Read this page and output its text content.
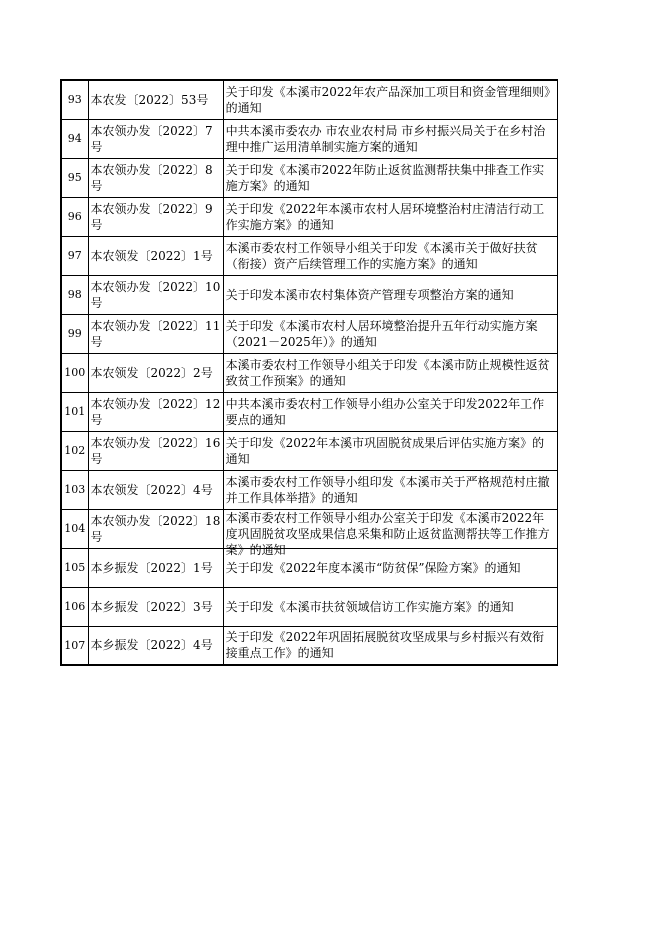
93	本农发〔2022〕53号	关于印发《本溪市2022年农产品深加工项目和资金管理细则》的通知

94	本农领办发〔2022〕7号	中共本溪市委农办 市农业农村局 市乡村振兴局关于在乡村治理中推广运用清单制实施方案的通知

95	本农领办发〔2022〕8号	关于印发《本溪市2022年防止返贫监测帮扶集中排查工作实施方案》的通知

96	本农领办发〔2022〕9号	关于印发《2022年本溪市农村人居环境整治村庄清洁行动工作实施方案》的通知

97	本农领发〔2022〕1号	本溪市委农村工作领导小组关于印发《本溪市关于做好扶贫（衔接）资产后续管理工作的实施方案》的通知

98	本农领办发〔2022〕10号	关于印发本溪市农村集体资产管理专项整治方案的通知

99	本农领办发〔2022〕11号	关于印发《本溪市农村人居环境整治提升五年行动实施方案（2021－2025年）》的通知

100	本农领发〔2022〕2号	本溪市委农村工作领导小组关于印发《本溪市防止规模性返贫致贫工作预案》的通知

101	本农领办发〔2022〕12号	中共本溪市委农村工作领导小组办公室关于印发2022年工作要点的通知

102	本农领办发〔2022〕16号	关于印发《2022年本溪市巩固脱贫成果后评估实施方案》的通知

103	本农领发〔2022〕4号	本溪市委农村工作领导小组印发《本溪市关于严格规范村庄撤并工作具体举措》的通知

104	本农领办发〔2022〕18号	本溪市委农村工作领导小组办公室关于印发《本溪市2022年度巩固脱贫攻坚成果信息采集和防止返贫监测帮扶等工作推方案》的通知

105	本乡振发〔2022〕1号	关于印发《2022年度本溪市“防贫保”保险方案》的通知

106	本乡振发〔2022〕3号	关于印发《本溪市扶贫领域信访工作实施方案》的通知

107	本乡振发〔2022〕4号	关于印发《2022年巩固拓展脱贫攻坚成果与乡村振兴有效衔接重点工作》的通知
